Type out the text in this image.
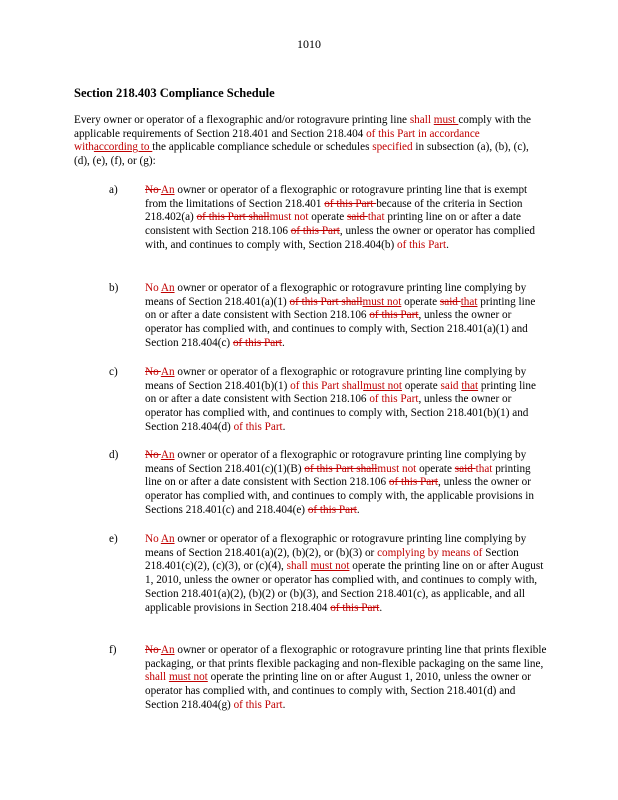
1010
Section 218.403 Compliance Schedule
Every owner or operator of a flexographic and/or rotogravure printing line shall must comply with the applicable requirements of Section 218.401 and Section 218.404 of this Part in accordance withaccording to the applicable compliance schedule or schedules specified in subsection (a), (b), (c), (d), (e), (f), or (g):
a) No An owner or operator of a flexographic or rotogravure printing line that is exempt from the limitations of Section 218.401 of this Part because of the criteria in Section 218.402(a) of this Part shallmust not operate said that printing line on or after a date consistent with Section 218.106 of this Part, unless the owner or operator has complied with, and continues to comply with, Section 218.404(b) of this Part.
b) No An owner or operator of a flexographic or rotogravure printing line complying by means of Section 218.401(a)(1) of this Part shallmust not operate said that printing line on or after a date consistent with Section 218.106 of this Part, unless the owner or operator has complied with, and continues to comply with, Section 218.401(a)(1) and Section 218.404(c) of this Part.
c) No An owner or operator of a flexographic or rotogravure printing line complying by means of Section 218.401(b)(1) of this Part shallmust not operate said that printing line on or after a date consistent with Section 218.106 of this Part, unless the owner or operator has complied with, and continues to comply with, Section 218.401(b)(1) and Section 218.404(d) of this Part.
d) No An owner or operator of a flexographic or rotogravure printing line complying by means of Section 218.401(c)(1)(B) of this Part shallmust not operate said that printing line on or after a date consistent with Section 218.106 of this Part, unless the owner or operator has complied with, and continues to comply with, the applicable provisions in Sections 218.401(c) and 218.404(e) of this Part.
e) No An owner or operator of a flexographic or rotogravure printing line complying by means of Section 218.401(a)(2), (b)(2), or (b)(3) or complying by means of Section 218.401(c)(2), (c)(3), or (c)(4), shall must not operate the printing line on or after August 1, 2010, unless the owner or operator has complied with, and continues to comply with, Section 218.401(a)(2), (b)(2) or (b)(3), and Section 218.401(c), as applicable, and all applicable provisions in Section 218.404 of this Part.
f)	No An owner or operator of a flexographic or rotogravure printing line that prints flexible packaging, or that prints flexible packaging and non-flexible packaging on the same line, shall must not operate the printing line on or after August 1, 2010, unless the owner or operator has complied with, and continues to comply with, Section 218.401(d) and Section 218.404(g) of this Part.
